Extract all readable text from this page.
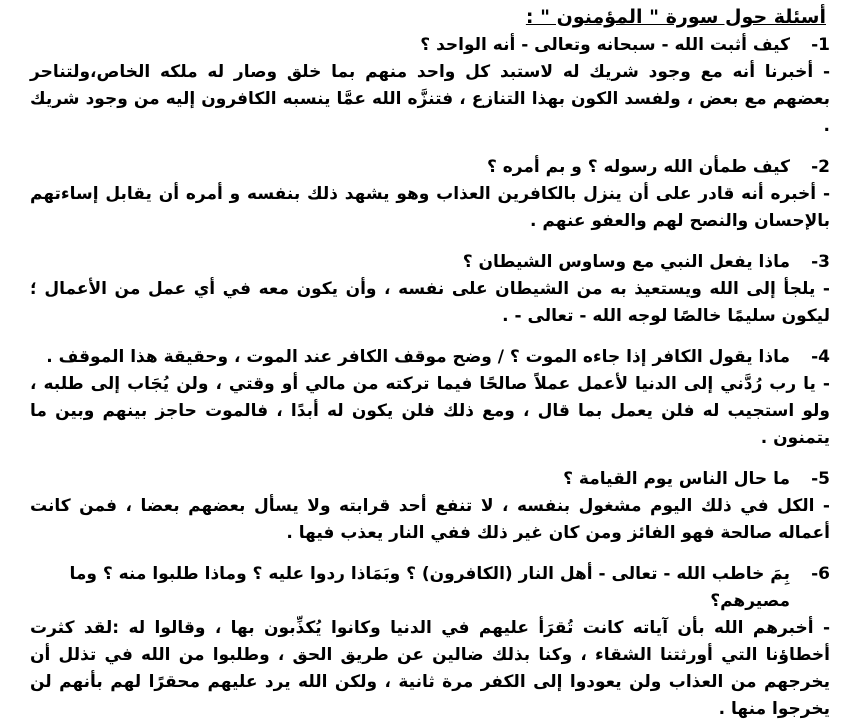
أسئلة حول سورة " المؤمنون " :
-1
كيف أثبت الله - سبحانه وتعالى - أنه الواحد ؟
- أخبرنا أنه مع وجود شريك له لاستبد كل واحد منهم بما خلق وصار له ملكه الخاص،ولتناحر بعضهم مع بعض ، ولفسد الكون بهذا التنازع ، فتنزَّه الله عمَّا ينسبه الكافرون إليه من وجود شريك .
-2
كيف طمأن الله رسوله ؟ و بم أمره ؟
- أخبره أنه قادر على أن ينزل بالكافرين العذاب وهو يشهد ذلك بنفسه و أمره أن يقابل إساءتهم بالإحسان والنصح لهم والعفو عنهم .
-3
ماذا يفعل النبي مع وساوس الشيطان ؟
- يلجأ إلى الله ويستعيذ به من الشيطان على نفسه ، وأن يكون معه في أي عمل من الأعمال ؛ ليكون سليمًا خالصًا لوجه الله - تعالى - .
-4
ماذا يقول الكافر إذا جاءه الموت ؟ / وضح موقف الكافر عند الموت ، وحقيقة هذا الموقف .
- يا رب رُدَّني إلى الدنيا لأعمل عملاً صالحًا فيما تركته من مالي أو وقتي ، ولن يُجَاب إلى طلبه ، ولو استجيب له فلن يعمل بما قال ، ومع ذلك فلن يكون له أبدًا ، فالموت حاجز بينهم وبين ما يتمنون .
-5
ما حال الناس يوم القيامة ؟
- الكل في ذلك اليوم مشغول بنفسه ، لا تنفع أحد قرابته ولا يسأل بعضهم بعضا ، فمن كانت أعماله صالحة فهو الفائز ومن كان غير ذلك ففي النار يعذب فيها .
-6
بِمَ خاطب الله - تعالى - أهل النار (الكافرون) ؟ وبَمَاذا ردوا عليه ؟ وماذا طلبوا منه ؟ وما مصيرهم؟
- أخبرهم الله بأن آياته كانت تُقرَأ عليهم في الدنيا وكانوا يُكذِّبون بها ، وقالوا له :لقد كثرت أخطاؤنا التي أورثتنا الشقاء ، وكنا بذلك ضالين عن طريق الحق ، وطلبوا من الله في تذلل أن يخرجهم من العذاب ولن يعودوا إلى الكفر مرة ثانية ، ولكن الله يرد عليهم محقرًا لهم بأنهم لن يخرجوا منها .
